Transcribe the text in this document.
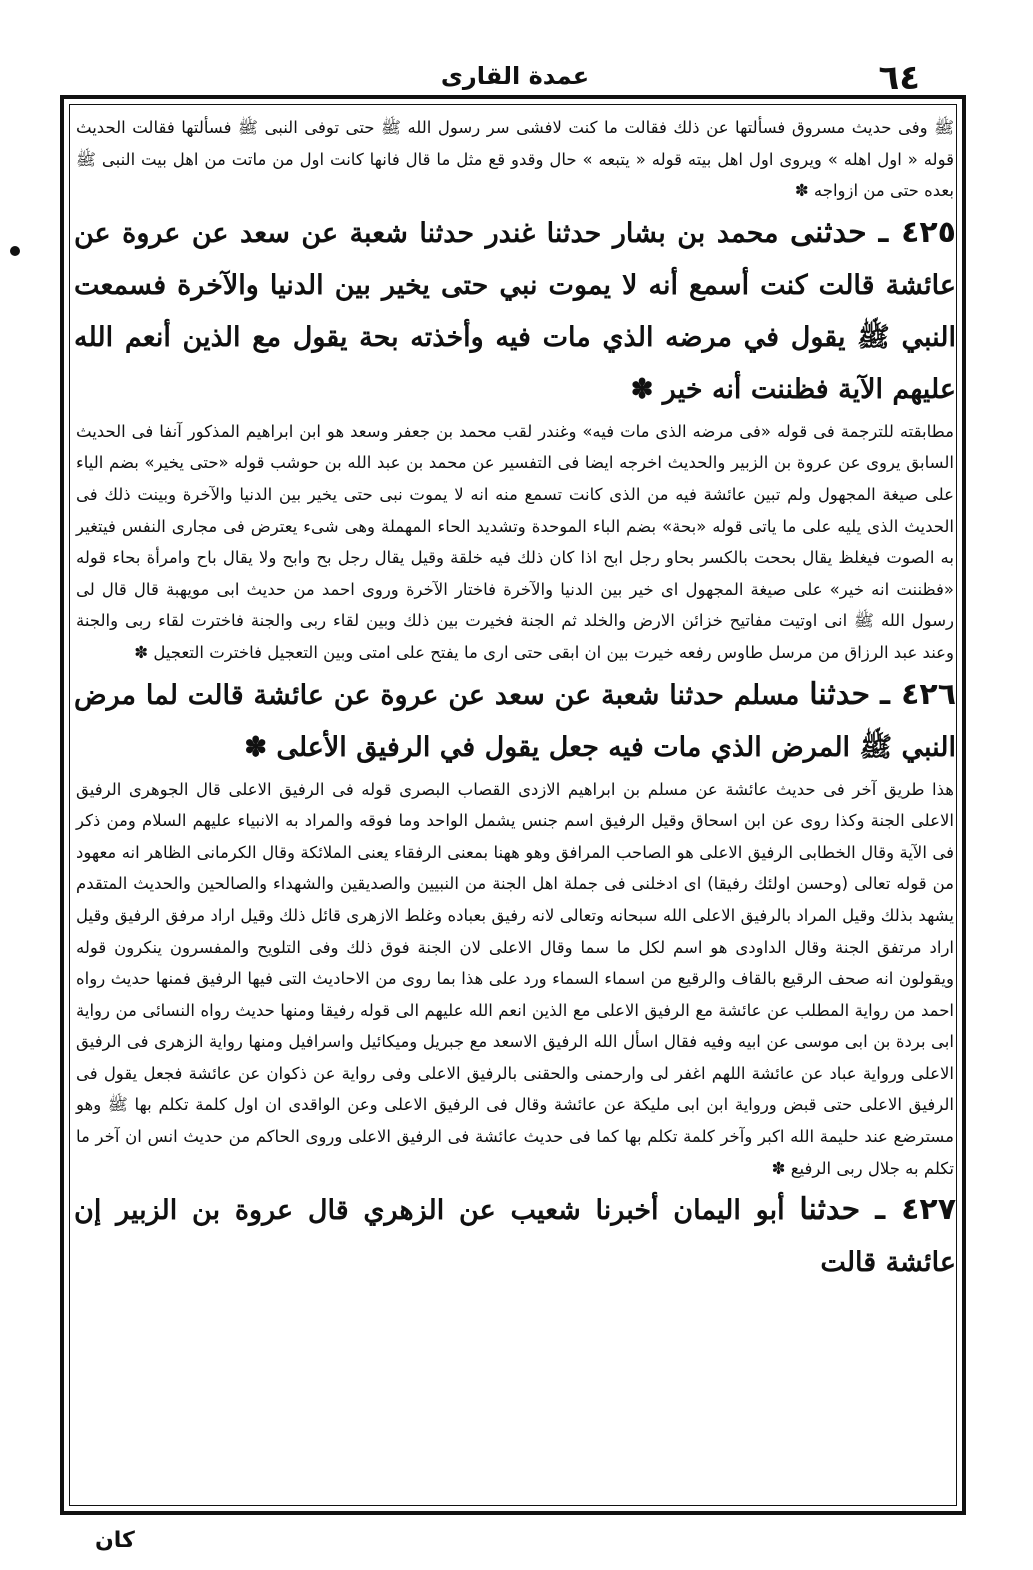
٦٤
عمدة القاری

ﷺ وفی حدیث مسروق فسألتها عن ذلك فقالت ما كنت لافشی سر رسول الله ﷺ حتی توفی النبی ﷺ فسألتها فقالت الحدیث قوله « اول اهله » ویروی اول اهل بیته قوله « یتبعه » حال وقدو قع مثل ما قال فانها كانت اول من ماتت من اهل بیت النبی ﷺ بعده حتی من ازواجه ✽

٤٢٥ ـ حدثنی محمد بن بشار حدثنا غندر حدثنا شعبة عن سعد عن عروة عن عائشة قالت كنت أسمع أنه لا يموت نبي حتى يخير بين الدنيا والآخرة فسمعت النبي ﷺ يقول في مرضه الذي مات فيه وأخذته بحة يقول مع الذين أنعم الله عليهم الآية فظننت أنه خير ✽

مطابقته للترجمة فی قوله «فی مرضه الذی مات فیه» وغندر لقب محمد بن جعفر وسعد هو ابن ابراهیم المذکور آنفا فی الحدیث السابق یروی عن عروة بن الزبیر والحدیث اخرجه ایضا فی التفسیر عن محمد بن عبد الله بن حوشب قوله «حتی یخیر» بضم الیاء علی صیغة المجهول ولم تبین عائشة فیه من الذی كانت تسمع منه انه لا یموت نبی حتی یخیر بین الدنیا والآخرة وبینت ذلك فی الحدیث الذی یلیه علی ما یاتی قوله «بحة» بضم الباء الموحدة وتشدید الحاء المهملة وهی شیء یعترض فی مجاری النفس فیتغیر به الصوت فیغلظ یقال بححت بالكسر بحاو رجل ابح اذا كان ذلك فیه خلقة وقیل یقال رجل بح وابح ولا یقال باح وامرأة بحاء قوله «فظننت انه خیر» علی صیغة المجهول ای خیر بین الدنیا والآخرة فاختار الآخرة وروی احمد من حدیث ابی مویهبة قال قال لی رسول الله ﷺ انی اوتیت مفاتیح خزائن الارض والخلد ثم الجنة فخیرت بین ذلك وبین لقاء ربی والجنة فاخترت لقاء ربی والجنة وعند عبد الرزاق من مرسل طاوس رفعه خیرت بین ان ابقی حتی اری ما یفتح علی امتی وبین التعجیل فاخترت التعجیل ✽

٤٢٦ ـ حدثنا مسلم حدثنا شعبة عن سعد عن عروة عن عائشة قالت لما مرض النبي ﷺ المرض الذي مات فيه جعل يقول في الرفيق الأعلى ✽

هذا طریق آخر فی حدیث عائشة عن مسلم بن ابراهیم الازدی القصاب البصری قوله فی الرفیق الاعلی قال الجوهری الرفیق الاعلی الجنة وكذا روی عن ابن اسحاق وقیل الرفیق اسم جنس یشمل الواحد وما فوقه والمراد به الانبیاء علیهم السلام ومن ذكر فی الآیة وقال الخطابی الرفیق الاعلی هو الصاحب المرافق وهو ههنا بمعنی الرفقاء یعنی الملائكة وقال الكرمانی الظاهر انه معهود من قوله تعالی (وحسن اولئك رفیقا) ای ادخلنی فی جملة اهل الجنة من النبیین والصدیقین والشهداء والصالحین والحدیث المتقدم یشهد بذلك وقیل المراد بالرفیق الاعلی الله سبحانه وتعالی لانه رفیق بعباده وغلط الازهری قائل ذلك وقیل اراد مرفق الرفیق وقیل اراد مرتفق الجنة وقال الداودی هو اسم لكل ما سما وقال الاعلی لان الجنة فوق ذلك وفی التلویح والمفسرون ینكرون قوله ویقولون انه صحف الرقیع بالقاف والرقیع من اسماء السماء ورد علی هذا بما روی من الاحادیث التی فیها الرفیق فمنها حدیث رواه احمد من روایة المطلب عن عائشة مع الرفیق الاعلی مع الذین انعم الله علیهم الی قوله رفیقا ومنها حدیث رواه النسائی من روایة ابی بردة بن ابی موسی عن ابیه وفیه فقال اسأل الله الرفیق الاسعد مع جبریل ومیكائیل واسرافیل ومنها روایة الزهری فی الرفیق الاعلی وروایة عباد عن عائشة اللهم اغفر لی وارحمنی والحقنی بالرفیق الاعلی وفی روایة عن ذكوان عن عائشة فجعل یقول فی الرفیق الاعلی حتی قبض وروایة ابن ابی ملیكة عن عائشة وقال فی الرفیق الاعلی وعن الواقدی ان اول كلمة تكلم بها ﷺ وهو مسترضع عند حلیمة الله اكبر وآخر كلمة تكلم بها كما فی حدیث عائشة فی الرفیق الاعلی وروی الحاكم من حدیث انس ان آخر ما تكلم به جلال ربی الرفیع ✽

٤٢٧ ـ حدثنا أبو اليمان أخبرنا شعيب عن الزهري قال عروة بن الزبير إن عائشة قالت

كان
